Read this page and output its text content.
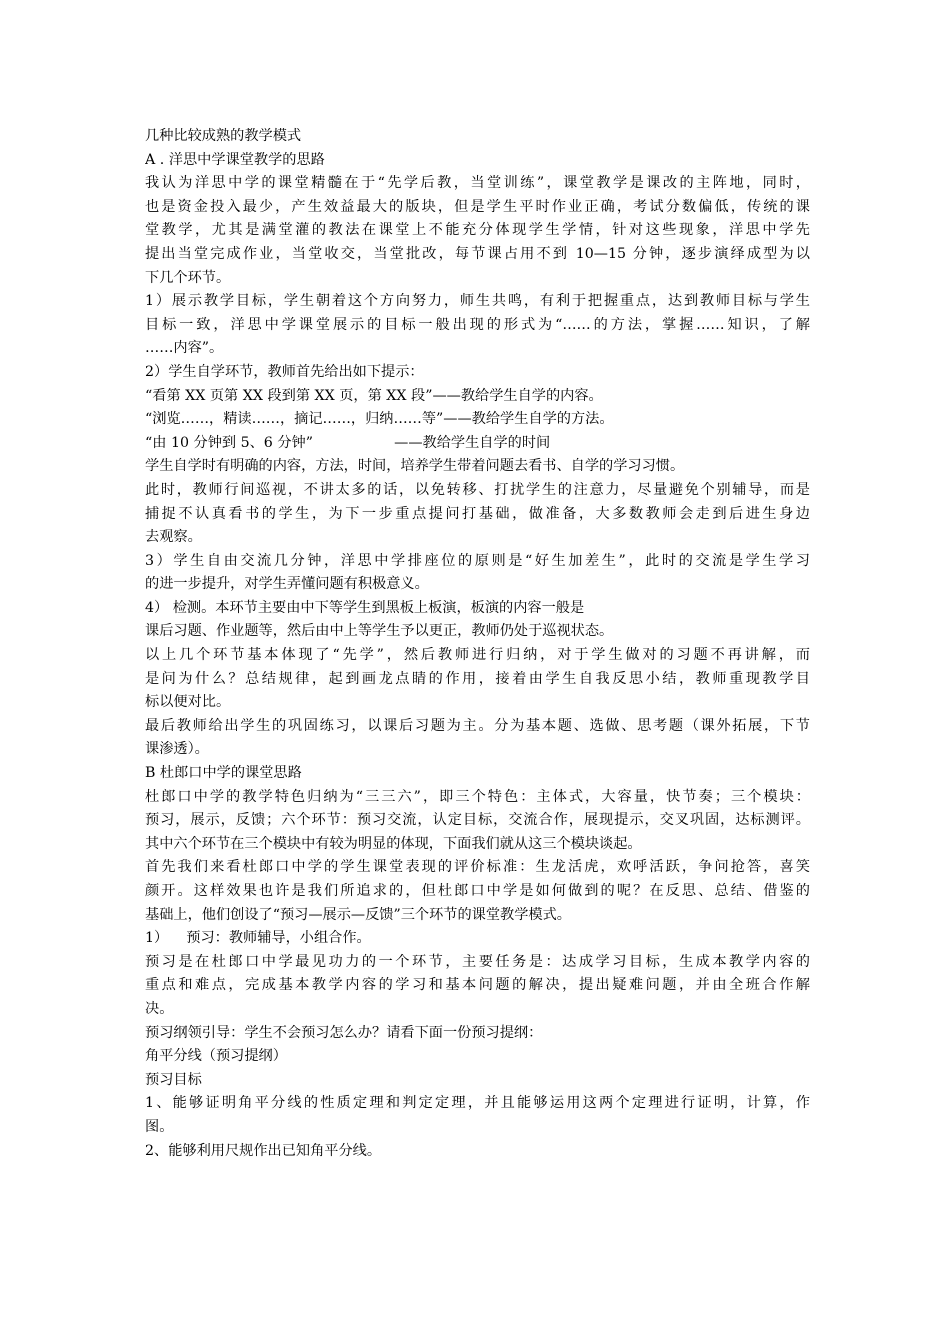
几种比较成熟的教学模式
A . 洋思中学课堂教学的思路
我认为洋思中学的课堂精髓在于“先学后教，当堂训练”，课堂教学是课改的主阵地，同时，
也是资金投入最少，产生效益最大的版块，但是学生平时作业正确，考试分数偏低，传统的课
堂教学，尤其是满堂灌的教法在课堂上不能充分体现学生学情，针对这些现象，洋思中学先
提出当堂完成作业，当堂收交，当堂批改，每节课占用不到 10—15 分钟，逐步演绎成型为以
下几个环节。
1）展示教学目标，学生朝着这个方向努力，师生共鸣，有利于把握重点，达到教师目标与学生
目标一致，洋思中学课堂展示的目标一般出现的形式为“……的方法，掌握……知识，了解
……内容”。
2）学生自学环节，教师首先给出如下提示：
“看第 XX 页第 XX 段到第 XX 页，第 XX 段”——教给学生自学的内容。
“浏览……，精读……，摘记……，归纳……等”——教给学生自学的方法。
“由 10 分钟到 5、6 分钟”                  ——教给学生自学的时间
学生自学时有明确的内容，方法，时间，培养学生带着问题去看书、自学的学习习惯。
此时，教师行间巡视，不讲太多的话，以免转移、打扰学生的注意力，尽量避免个别辅导，而是
捕捉不认真看书的学生，为下一步重点提问打基础，做准备，大多数教师会走到后进生身边
去观察。
3）学生自由交流几分钟，洋思中学排座位的原则是“好生加差生”，此时的交流是学生学习
的进一步提升，对学生弄懂问题有积极意义。
4） 检测。本环节主要由中下等学生到黑板上板演，板演的内容一般是
课后习题、作业题等，然后由中上等学生予以更正，教师仍处于巡视状态。
以上几个环节基本体现了“先学”，然后教师进行归纳，对于学生做对的习题不再讲解，而
是问为什么？总结规律，起到画龙点睛的作用，接着由学生自我反思小结，教师重现教学目
标以便对比。
最后教师给出学生的巩固练习，以课后习题为主。分为基本题、选做、思考题（课外拓展，下节
课渗透）。
B 杜郎口中学的课堂思路
杜郎口中学的教学特色归纳为“三三六”，即三个特色：主体式，大容量，快节奏；三个模块：
预习，展示，反馈；六个环节：预习交流，认定目标，交流合作，展现提示，交叉巩固，达标测评。
其中六个环节在三个模块中有较为明显的体现，下面我们就从这三个模块谈起。
首先我们来看杜郎口中学的学生课堂表现的评价标准：生龙活虎，欢呼活跃，争问抢答，喜笑
颜开。这样效果也许是我们所追求的，但杜郎口中学是如何做到的呢？在反思、总结、借鉴的
基础上，他们创设了“预习—展示—反馈”三个环节的课堂教学模式。
1）    预习：教师辅导，小组合作。
预习是在杜郎口中学最见功力的一个环节，主要任务是：达成学习目标，生成本教学内容的
重点和难点，完成基本教学内容的学习和基本问题的解决，提出疑难问题，并由全班合作解
决。
预习纲领引导：学生不会预习怎么办？请看下面一份预习提纲：
角平分线（预习提纲）
预习目标
1、能够证明角平分线的性质定理和判定定理，并且能够运用这两个定理进行证明，计算，作
图。
2、能够利用尺规作出已知角平分线。
